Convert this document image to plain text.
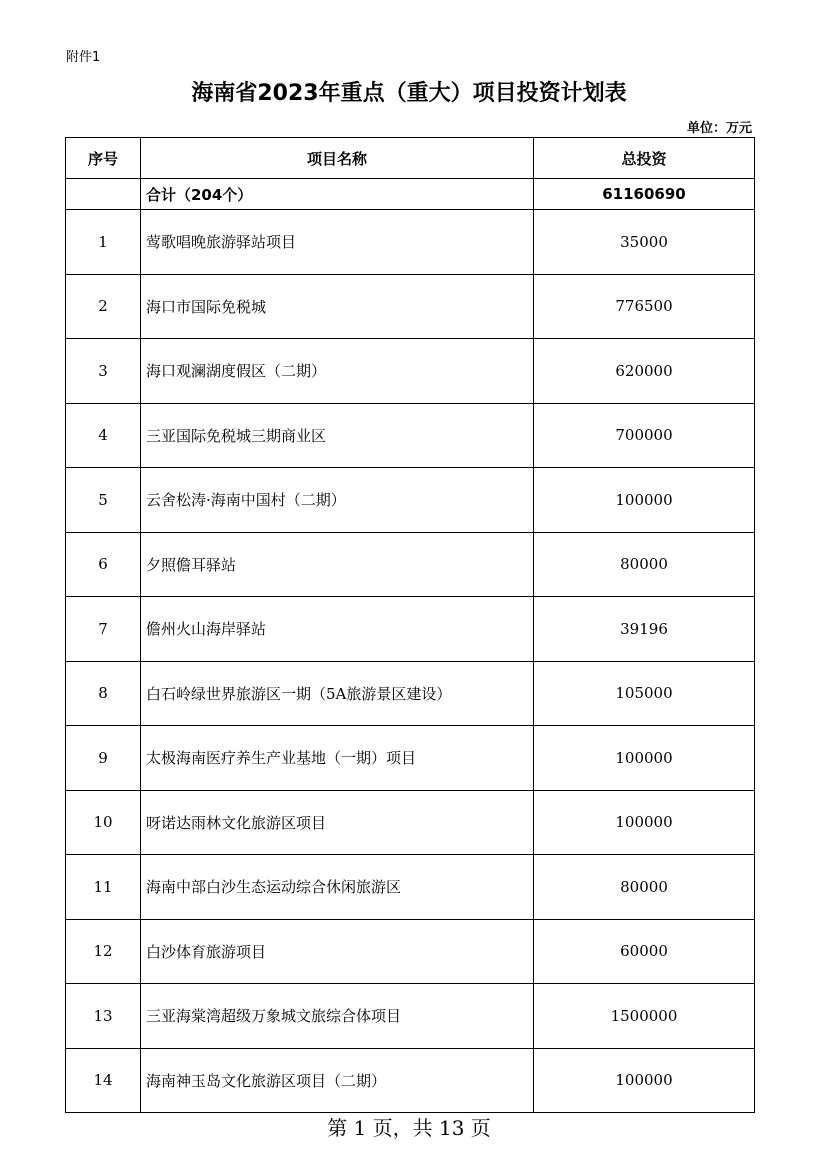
附件1
海南省2023年重点（重大）项目投资计划表
单位：万元
序号	项目名称	总投资
	合计（204个）	61160690
1	莺歌唱晚旅游驿站项目	35000
2	海口市国际免税城	776500
3	海口观澜湖度假区（二期）	620000
4	三亚国际免税城三期商业区	700000
5	云舍松涛·海南中国村（二期）	100000
6	夕照儋耳驿站	80000
7	儋州火山海岸驿站	39196
8	白石岭绿世界旅游区一期（5A旅游景区建设）	105000
9	太极海南医疗养生产业基地（一期）项目	100000
10	呀诺达雨林文化旅游区项目	100000
11	海南中部白沙生态运动综合休闲旅游区	80000
12	白沙体育旅游项目	60000
13	三亚海棠湾超级万象城文旅综合体项目	1500000
14	海南神玉岛文化旅游区项目（二期）	100000
第 1 页，共 13 页
